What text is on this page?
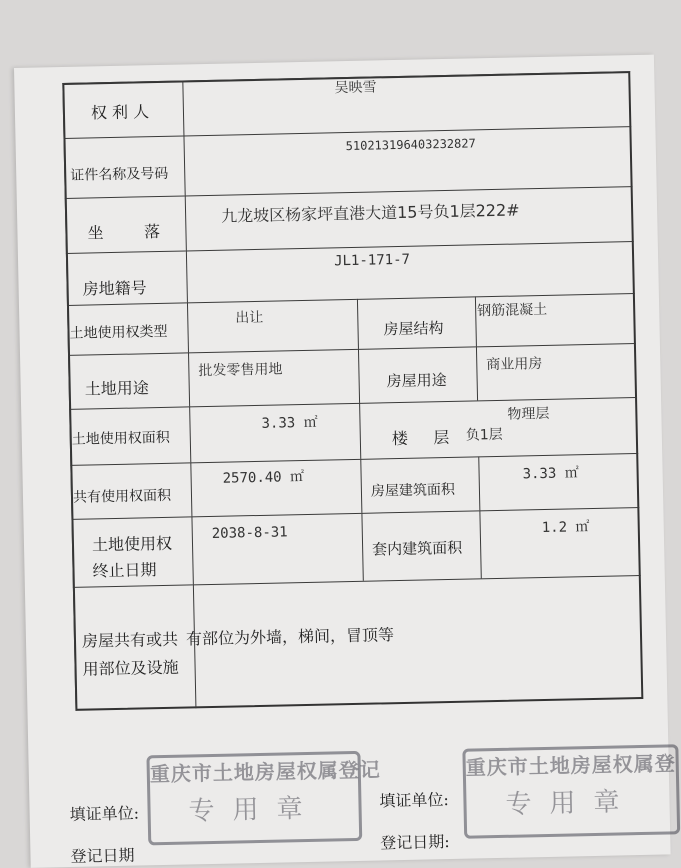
权 利 人
吴映雪
证件名称及号码
510213196403232827
坐        落
九龙坡区杨家坪直港大道15号负1层222#
房地籍号
JL1-171-7
土地使用权类型
出让
房屋结构
钢筋混凝土
土地用途
批发零售用地
房屋用途
商业用房
土地使用权面积
3.33 ㎡
楼     层 负1层
物理层
共有使用权面积
2570.40 ㎡
房屋建筑面积
3.33 ㎡
土地使用权
终止日期
2038-8-31
套内建筑面积
1.2 ㎡
房屋共有或共
用部位及设施
有部位为外墙，梯间，冒顶等
填证单位:
填证单位:
登记日期
登记日期:
重庆市土地房屋权属登记
专用章
重庆市土地房屋权属登
专用章
